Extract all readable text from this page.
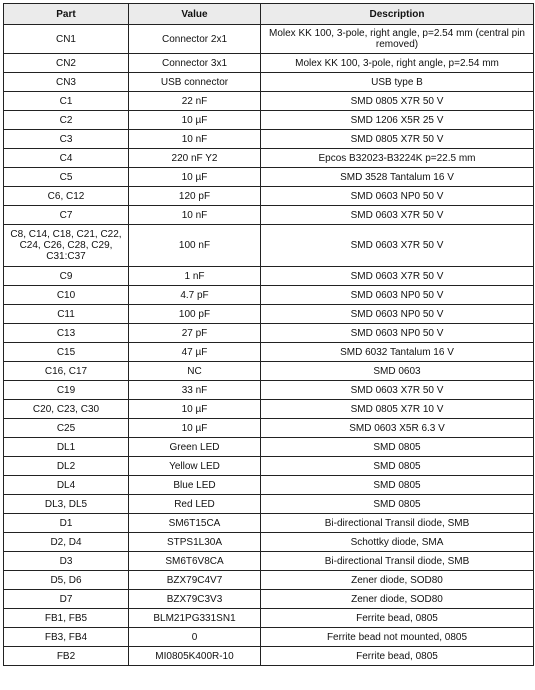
Part	Value	Description
CN1	Connector 2x1	Molex KK 100, 3-pole, right angle, p=2.54 mm (central pin removed)
CN2	Connector 3x1	Molex KK 100, 3-pole, right angle, p=2.54 mm
CN3	USB connector	USB type B
C1	22 nF	SMD 0805 X7R 50 V
C2	10 µF	SMD 1206 X5R 25 V
C3	10 nF	SMD 0805 X7R 50 V
C4	220 nF Y2	Epcos B32023-B3224K p=22.5 mm
C5	10 µF	SMD 3528 Tantalum 16 V
C6, C12	120 pF	SMD 0603 NP0 50 V
C7	10 nF	SMD 0603 X7R 50 V
C8, C14, C18, C21, C22, C24, C26, C28, C29, C31:C37	100 nF	SMD 0603 X7R 50 V
C9	1 nF	SMD 0603 X7R 50 V
C10	4.7 pF	SMD 0603 NP0 50 V
C11	100 pF	SMD 0603 NP0 50 V
C13	27 pF	SMD 0603 NP0 50 V
C15	47 µF	SMD 6032 Tantalum 16 V
C16, C17	NC	SMD 0603
C19	33 nF	SMD 0603 X7R 50 V
C20, C23, C30	10 µF	SMD 0805 X7R 10 V
C25	10 µF	SMD 0603 X5R 6.3 V
DL1	Green LED	SMD 0805
DL2	Yellow LED	SMD 0805
DL4	Blue LED	SMD 0805
DL3, DL5	Red LED	SMD 0805
D1	SM6T15CA	Bi-directional Transil diode, SMB
D2, D4	STPS1L30A	Schottky diode, SMA
D3	SM6T6V8CA	Bi-directional Transil diode, SMB
D5, D6	BZX79C4V7	Zener diode, SOD80
D7	BZX79C3V3	Zener diode, SOD80
FB1, FB5	BLM21PG331SN1	Ferrite bead, 0805
FB3, FB4	0	Ferrite bead not mounted, 0805
FB2	MI0805K400R-10	Ferrite bead, 0805
